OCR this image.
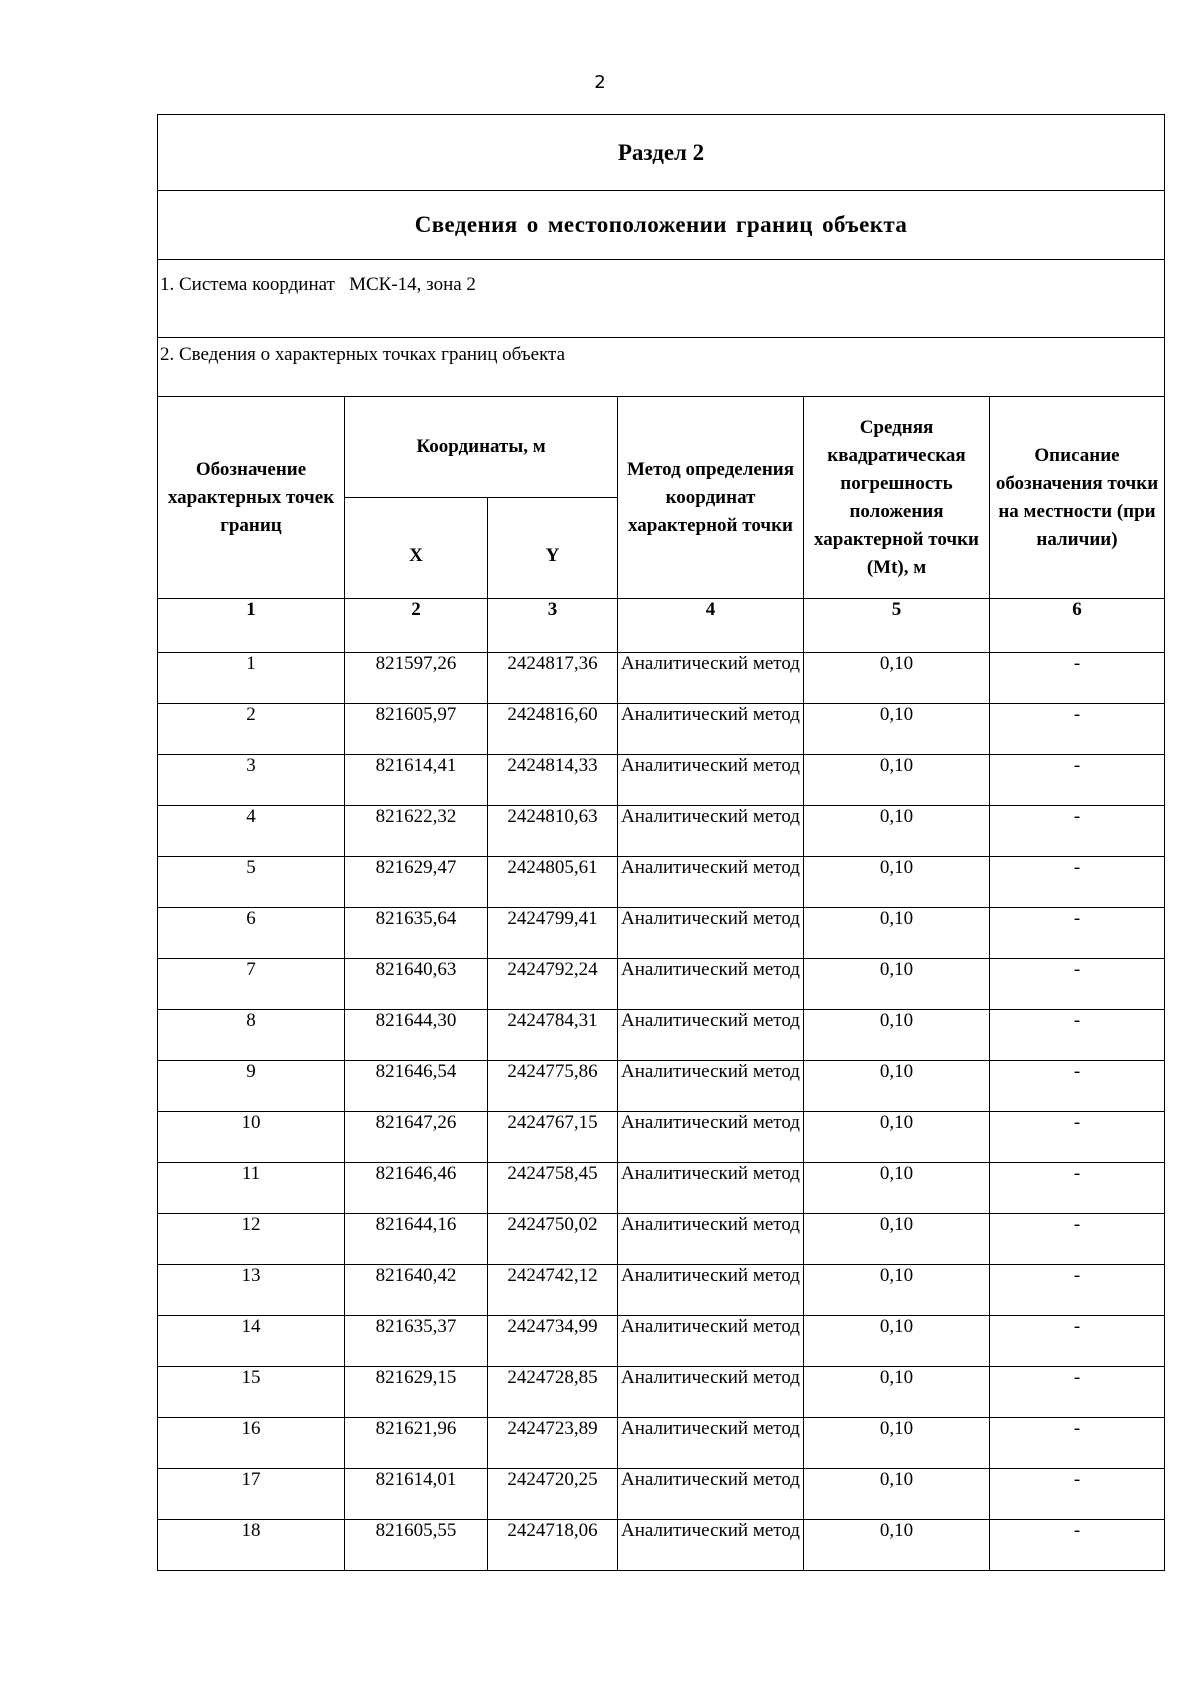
2
Раздел 2					
Сведения о местоположении границ объекта					
1. Система координат МСК-14, зона 2					
2. Сведения о характерных точках границ объекта					
Обозначение характерных точек границ	Координаты, м		Метод определения координат характерной точки	Средняя квадратическая погрешность положения характерной точки (Mt), м	Описание обозначения точки на местности (при наличии)
	X	Y			
1	2	3	4	5	6
1	821597,26	2424817,36	Аналитический метод	0,10	-
2	821605,97	2424816,60	Аналитический метод	0,10	-
3	821614,41	2424814,33	Аналитический метод	0,10	-
4	821622,32	2424810,63	Аналитический метод	0,10	-
5	821629,47	2424805,61	Аналитический метод	0,10	-
6	821635,64	2424799,41	Аналитический метод	0,10	-
7	821640,63	2424792,24	Аналитический метод	0,10	-
8	821644,30	2424784,31	Аналитический метод	0,10	-
9	821646,54	2424775,86	Аналитический метод	0,10	-
10	821647,26	2424767,15	Аналитический метод	0,10	-
11	821646,46	2424758,45	Аналитический метод	0,10	-
12	821644,16	2424750,02	Аналитический метод	0,10	-
13	821640,42	2424742,12	Аналитический метод	0,10	-
14	821635,37	2424734,99	Аналитический метод	0,10	-
15	821629,15	2424728,85	Аналитический метод	0,10	-
16	821621,96	2424723,89	Аналитический метод	0,10	-
17	821614,01	2424720,25	Аналитический метод	0,10	-
18	821605,55	2424718,06	Аналитический метод	0,10	-
